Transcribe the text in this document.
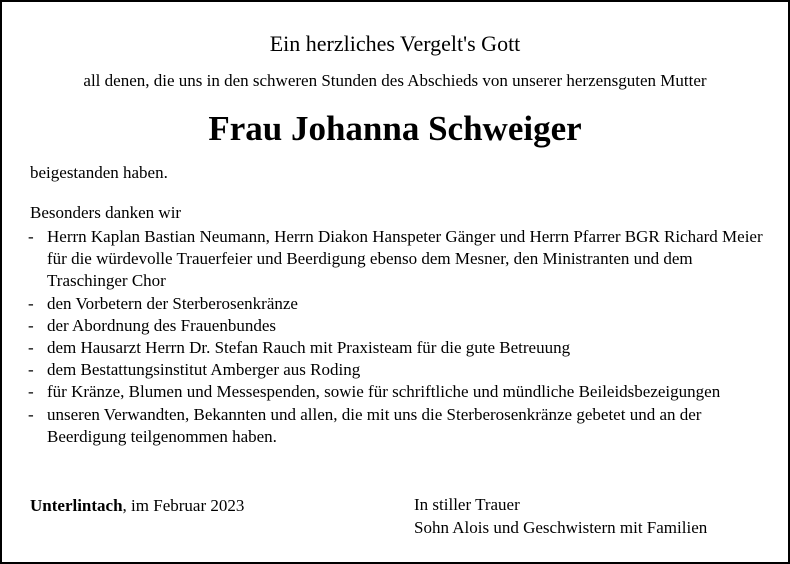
Ein herzliches Vergelt's Gott
all denen, die uns in den schweren Stunden des Abschieds von unserer herzensguten Mutter
Frau Johanna Schweiger
beigestanden haben.
Besonders danken wir
- Herrn Kaplan Bastian Neumann, Herrn Diakon Hanspeter Gänger und Herrn Pfarrer BGR Richard Meier für die würdevolle Trauerfeier und Beerdigung ebenso dem Mesner, den Ministranten und dem Traschinger Chor
- den Vorbetern der Sterberosenkränze
- der Abordnung des Frauenbundes
- dem Hausarzt Herrn Dr. Stefan Rauch mit Praxisteam für die gute Betreuung
- dem Bestattungsinstitut Amberger aus Roding
- für Kränze, Blumen und Messespenden, sowie für schriftliche und mündliche Beileidsbezeigungen
- unseren Verwandten, Bekannten und allen, die mit uns die Sterberosenkränze gebetet und an der Beerdigung teilgenommen haben.
Unterlintach, im Februar 2023	In stiller Trauer
Sohn Alois und Geschwistern mit Familien
